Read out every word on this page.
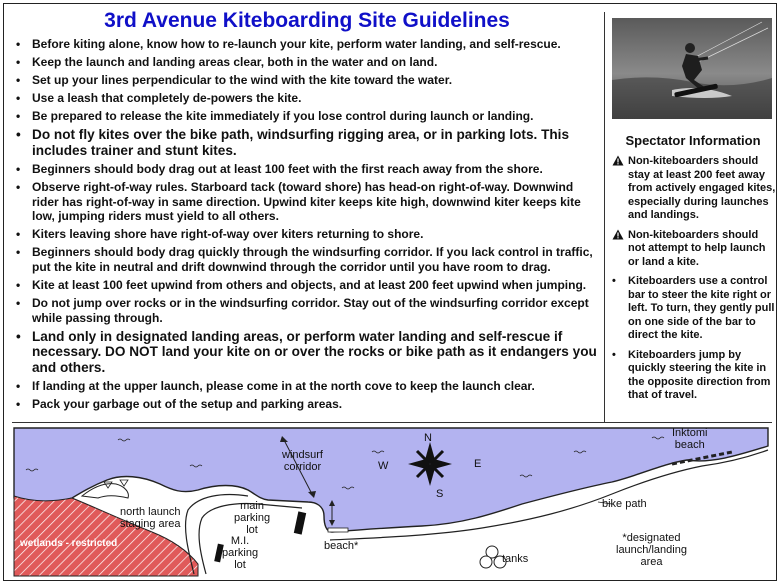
3rd Avenue Kiteboarding Site Guidelines
• Before kiting alone, know how to re-launch your kite, perform water landing, and self-rescue.
• Keep the launch and landing areas clear, both in the water and on land.
• Set up your lines perpendicular to the wind with the kite toward the water.
• Use a leash that completely de-powers the kite.
• Be prepared to release the kite immediately if you lose control during launch or landing.
• Do not fly kites over the bike path, windsurfing rigging area, or in parking lots. This includes trainer and stunt kites.
• Beginners should body drag out at least 100 feet with the first reach away from the shore.
• Observe right-of-way rules. Starboard tack (toward shore) has head-on right-of-way. Downwind rider has right-of-way in same direction. Upwind kiter keeps kite high, downwind kiter keeps kite low, jumping riders must yield to all others.
• Kiters leaving shore have right-of-way over kiters returning to shore.
• Beginners should body drag quickly through the windsurfing corridor. If you lack control in traffic, put the kite in neutral and drift downwind through the corridor until you have room to drag.
• Kite at least 100 feet upwind from others and objects, and at least 200 feet upwind when jumping.
• Do not jump over rocks or in the windsurfing corridor. Stay out of the windsurfing corridor except while passing through.
• Land only in designated landing areas, or perform water landing and self-rescue if necessary. DO NOT land your kite on or over the rocks or bike path as it endangers you and others.
• If landing at the upper launch, please come in at the north cove to keep the launch clear.
• Pack your garbage out of the setup and parking areas.
Spectator Information
Non-kiteboarders should stay at least 200 feet away from actively engaged kites, especially during launches and landings.
Non-kiteboarders should not attempt to help launch or land a kite.
• Kiteboarders use a control bar to steer the kite right or left. To turn, they gently pull on one side of the bar to direct the kite.
• Kiteboarders jump by quickly steering the kite in the opposite direction from that of travel.
windsurf
corridor
N
S
W	E
Inktomi
beach
bike path
main
parking
lot
M.I.
parking
lot
north launch
staging area
wetlands - restricted	beach*
tanks
*designated
launch/landing
area
